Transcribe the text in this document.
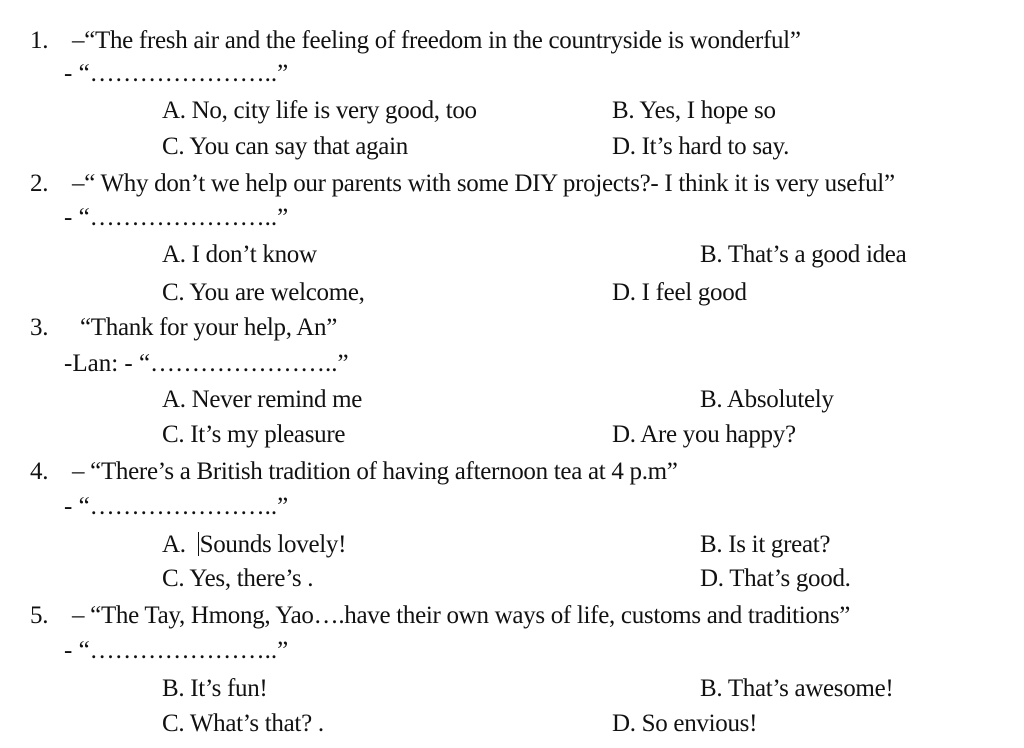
1. –“The fresh air and the feeling of freedom in the countryside is wonderful”
- “…………………..”
A. No, city life is very good, too	B. Yes, I hope so
C. You can say that again	D. It’s hard to say.
2. –“ Why don’t we help our parents with some DIY projects?- I think it is very useful”
- “…………………..”
A. I don’t know	B. That’s a good idea
C. You are welcome,	D. I feel good
3. “Thank for your help, An”
-Lan: - “…………………..”
A. Never remind me	B. Absolutely
C. It’s my pleasure	D. Are you happy?
4. – “There’s a British tradition of having afternoon tea at 4 p.m”
- “…………………..”
A.  Sounds lovely!	B. Is it great?
C. Yes, there’s .	D. That’s good.
5. – “The Tay, Hmong, Yao….have their own ways of life, customs and traditions”
- “…………………..”
B. It’s fun!	B. That’s awesome!
C. What’s that? .	D. So envious!
